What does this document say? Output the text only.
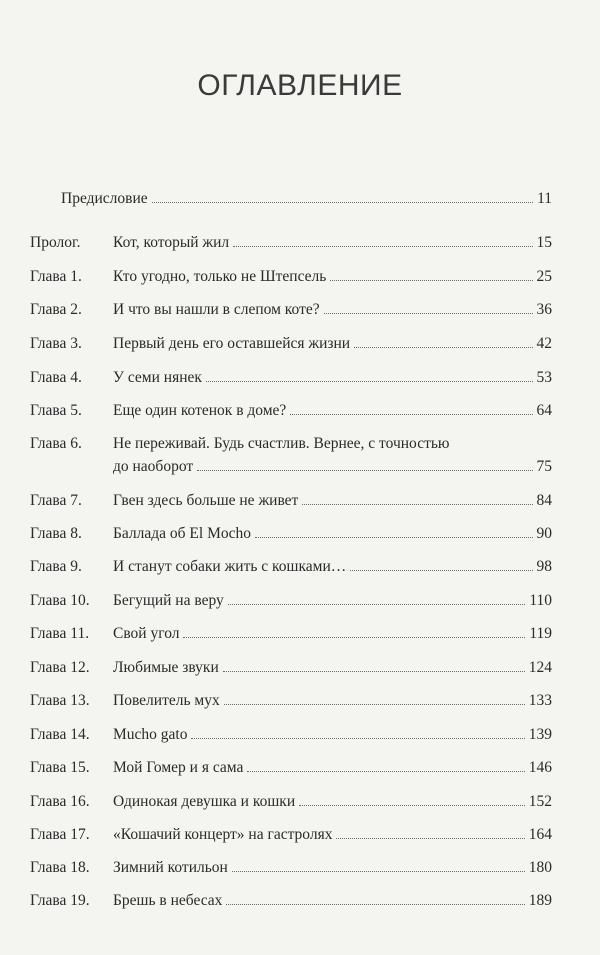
ОГЛАВЛЕНИЕ
Предисловие	11
Пролог. Кот, который жил	15
Глава 1. Кто угодно, только не Штепсель	25
Глава 2. И что вы нашли в слепом коте?	36
Глава 3. Первый день его оставшейся жизни	42
Глава 4. У семи нянек	53
Глава 5. Еще один котенок в доме?	64
Глава 6. Не переживай. Будь счастлив. Вернее, с точностью
до наоборот	75
Глава 7. Гвен здесь больше не живет	84
Глава 8. Баллада об El Mocho	90
Глава 9. И станут собаки жить с кошками…	98
Глава 10. Бегущий на веру	110
Глава 11. Свой угол	119
Глава 12. Любимые звуки	124
Глава 13. Повелитель мух	133
Глава 14. Mucho gato	139
Глава 15. Мой Гомер и я сама	146
Глава 16. Одинокая девушка и кошки	152
Глава 17. «Кошачий концерт» на гастролях	164
Глава 18. Зимний котильон	180
Глава 19. Брешь в небесах	189
